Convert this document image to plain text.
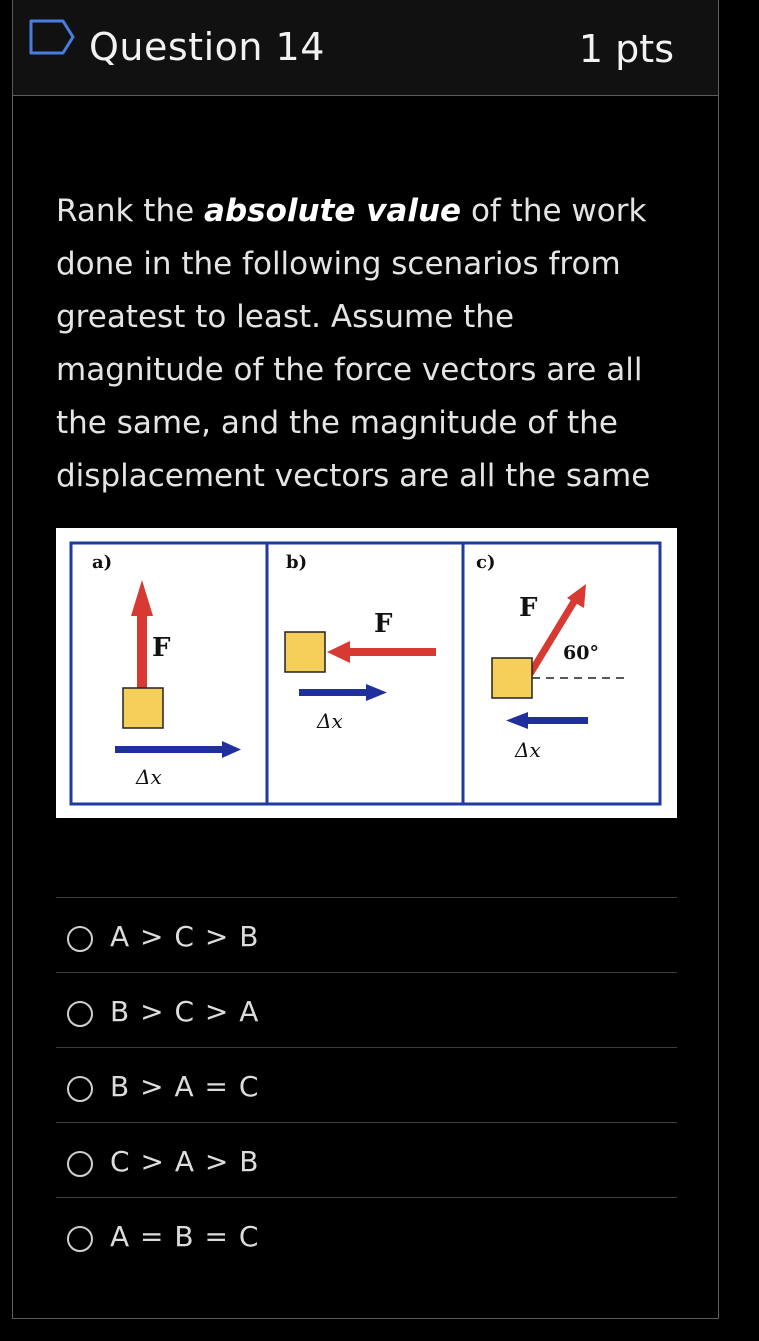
Question 14	1 pts
Rank the absolute value of the work done in the following scenarios from greatest to least. Assume the magnitude of the force vectors are all the same, and the magnitude of the displacement vectors are all the same
a)
F
Δx
b)
F
Δx
c)
F
60°
Δx
A > C > B
B > C > A
B > A = C
C > A > B
A = B = C
